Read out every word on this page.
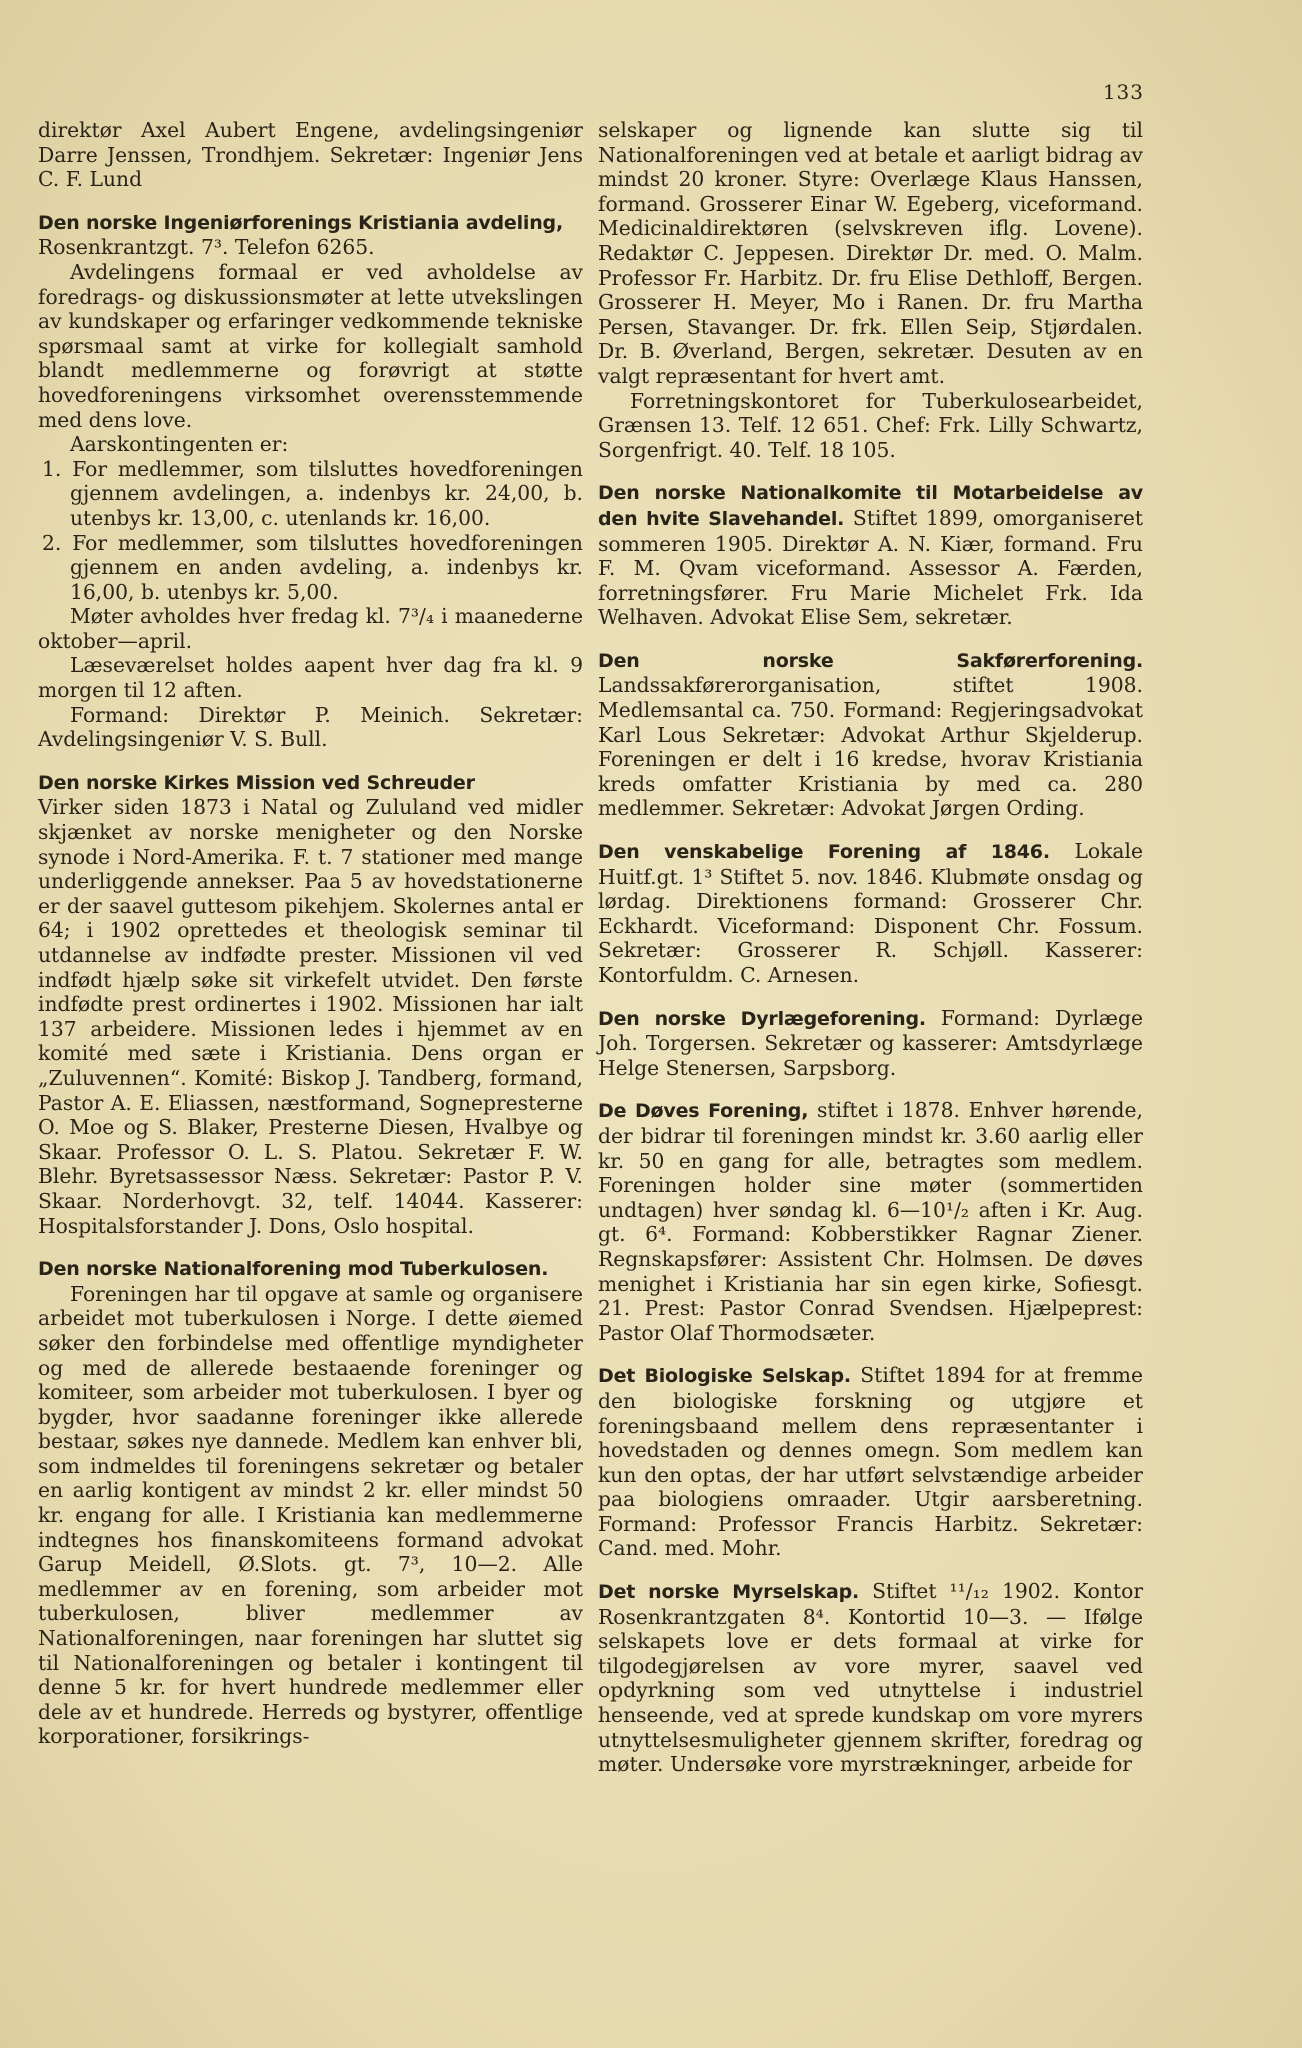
133

direktør Axel Aubert Engene, avdelingsingeniør Darre Jenssen, Trondhjem. Sekretær: Ingeniør Jens C. F. Lund

Den norske Ingeniørforenings Kristiania avdeling,

Rosenkrantzgt. 7³. Telefon 6265.

Avdelingens formaal er ved avholdelse av foredrags- og diskussionsmøter at lette utvekslingen av kundskaper og erfaringer vedkommende tekniske spørsmaal samt at virke for kollegialt samhold blandt medlemmerne og forøvrigt at støtte hovedforeningens virksomhet overensstemmende med dens love.

Aarskontingenten er:

1. For medlemmer, som tilsluttes hovedforeningen gjennem avdelingen, a. indenbys kr. 24,00, b. utenbys kr. 13,00, c. utenlands kr. 16,00.

2. For medlemmer, som tilsluttes hovedforeningen gjennem en anden avdeling, a. indenbys kr. 16,00, b. utenbys kr. 5,00.

Møter avholdes hver fredag kl. 7³/₄ i maanederne oktober—april.

Læseværelset holdes aapent hver dag fra kl. 9 morgen til 12 aften.

Formand: Direktør P. Meinich. Sekretær: Avdelingsingeniør V. S. Bull.

Den norske Kirkes Mission ved Schreuder

Virker siden 1873 i Natal og Zululand ved midler skjænket av norske menigheter og den Norske synode i Nord-Amerika. F. t. 7 stationer med mange underliggende annekser. Paa 5 av hovedstationerne er der saavel guttesom pikehjem. Skolernes antal er 64; i 1902 oprettedes et theologisk seminar til utdannelse av indfødte prester. Missionen vil ved indfødt hjælp søke sit virkefelt utvidet. Den første indfødte prest ordinertes i 1902. Missionen har ialt 137 arbeidere. Missionen ledes i hjemmet av en komité med sæte i Kristiania. Dens organ er „Zuluvennen“. Komité: Biskop J. Tandberg, formand, Pastor A. E. Eliassen, næstformand, Sognepresterne O. Moe og S. Blaker, Presterne Diesen, Hvalbye og Skaar. Professor O. L. S. Platou. Sekretær F. W. Blehr. Byretsassessor Næss. Sekretær: Pastor P. V. Skaar. Norderhovgt. 32, telf. 14044. Kasserer: Hospitalsforstander J. Dons, Oslo hospital.

Den norske Nationalforening mod Tuberkulosen.

Foreningen har til opgave at samle og organisere arbeidet mot tuberkulosen i Norge. I dette øiemed søker den forbindelse med offentlige myndigheter og med de allerede bestaaende foreninger og komiteer, som arbeider mot tuberkulosen. I byer og bygder, hvor saadanne foreninger ikke allerede bestaar, søkes nye dannede. Medlem kan enhver bli, som indmeldes til foreningens sekretær og betaler en aarlig kontigent av mindst 2 kr. eller mindst 50 kr. engang for alle. I Kristiania kan medlemmerne indtegnes hos finanskomiteens formand advokat Garup Meidell, Ø.Slots. gt. 7³, 10—2. Alle medlemmer av en forening, som arbeider mot tuberkulosen, bliver medlemmer av Nationalforeningen, naar foreningen har sluttet sig til Nationalforeningen og betaler i kontingent til denne 5 kr. for hvert hundrede medlemmer eller dele av et hundrede. Herreds og bystyrer, offentlige korporationer, forsikrings-

selskaper og lignende kan slutte sig til Nationalforeningen ved at betale et aarligt bidrag av mindst 20 kroner. Styre: Overlæge Klaus Hanssen, formand. Grosserer Einar W. Egeberg, viceformand. Medicinaldirektøren (selvskreven iflg. Lovene). Redaktør C. Jeppesen. Direktør Dr. med. O. Malm. Professor Fr. Harbitz. Dr. fru Elise Dethloff, Bergen. Grosserer H. Meyer, Mo i Ranen. Dr. fru Martha Persen, Stavanger. Dr. frk. Ellen Seip, Stjørdalen. Dr. B. Øverland, Bergen, sekretær. Desuten av en valgt repræsentant for hvert amt.

Forretningskontoret for Tuberkulosearbeidet, Grænsen 13. Telf. 12 651. Chef: Frk. Lilly Schwartz, Sorgenfrigt. 40. Telf. 18 105.

Den norske Nationalkomite til Motarbeidelse av den hvite Slavehandel. Stiftet 1899, omorganiseret sommeren 1905. Direktør A. N. Kiær, formand. Fru F. M. Qvam viceformand. Assessor A. Færden, forretningsfører. Fru Marie Michelet Frk. Ida Welhaven. Advokat Elise Sem, sekretær.

Den norske Sakførerforening. Landssakførerorganisation, stiftet 1908. Medlemsantal ca. 750. Formand: Regjeringsadvokat Karl Lous Sekretær: Advokat Arthur Skjelderup. Foreningen er delt i 16 kredse, hvorav Kristiania kreds omfatter Kristiania by med ca. 280 medlemmer. Sekretær: Advokat Jørgen Ording.

Den venskabelige Forening af 1846. Lokale Huitf.gt. 1³ Stiftet 5. nov. 1846. Klubmøte onsdag og lørdag. Direktionens formand: Grosserer Chr. Eckhardt. Viceformand: Disponent Chr. Fossum. Sekretær: Grosserer R. Schjøll. Kasserer: Kontorfuldm. C. Arnesen.

Den norske Dyrlægeforening. Formand: Dyrlæge Joh. Torgersen. Sekretær og kasserer: Amtsdyrlæge Helge Stenersen, Sarpsborg.

De Døves Forening, stiftet i 1878. Enhver hørende, der bidrar til foreningen mindst kr. 3.60 aarlig eller kr. 50 en gang for alle, betragtes som medlem. Foreningen holder sine møter (sommertiden undtagen) hver søndag kl. 6—10¹/₂ aften i Kr. Aug. gt. 6⁴. Formand: Kobberstikker Ragnar Ziener. Regnskapsfører: Assistent Chr. Holmsen. De døves menighet i Kristiania har sin egen kirke, Sofiesgt. 21. Prest: Pastor Conrad Svendsen. Hjælpeprest: Pastor Olaf Thormodsæter.

Det Biologiske Selskap. Stiftet 1894 for at fremme den biologiske forskning og utgjøre et foreningsbaand mellem dens repræsentanter i hovedstaden og dennes omegn. Som medlem kan kun den optas, der har utført selvstændige arbeider paa biologiens omraader. Utgir aarsberetning. Formand: Professor Francis Harbitz. Sekretær: Cand. med. Mohr.

Det norske Myrselskap. Stiftet ¹¹/₁₂ 1902. Kontor Rosenkrantzgaten 8⁴. Kontortid 10—3. — Ifølge selskapets love er dets formaal at virke for tilgodegjørelsen av vore myrer, saavel ved opdyrkning som ved utnyttelse i industriel henseende, ved at sprede kundskap om vore myrers utnyttelsesmuligheter gjennem skrifter, foredrag og møter. Undersøke vore myrstrækninger, arbeide for
